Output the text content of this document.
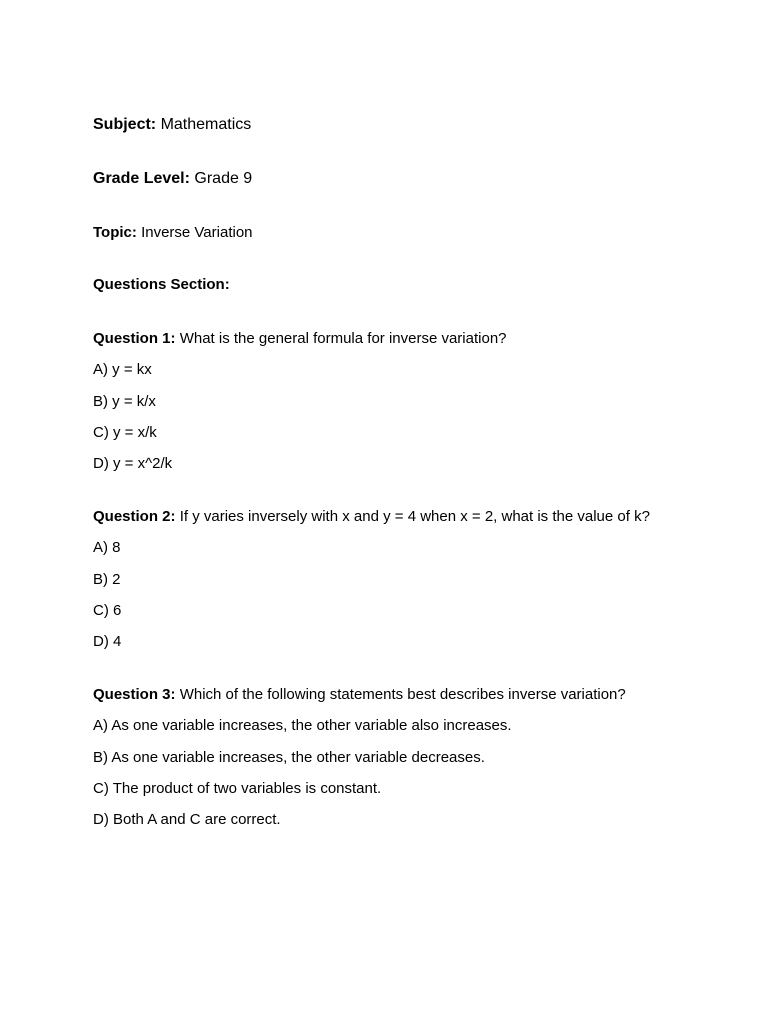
Subject: Mathematics
Grade Level: Grade 9
Topic: Inverse Variation
Questions Section:
Question 1: What is the general formula for inverse variation?
A) y = kx
B) y = k/x
C) y = x/k
D) y = x^2/k
Question 2: If y varies inversely with x and y = 4 when x = 2, what is the value of k?
A) 8
B) 2
C) 6
D) 4
Question 3: Which of the following statements best describes inverse variation?
A) As one variable increases, the other variable also increases.
B) As one variable increases, the other variable decreases.
C) The product of two variables is constant.
D) Both A and C are correct.
